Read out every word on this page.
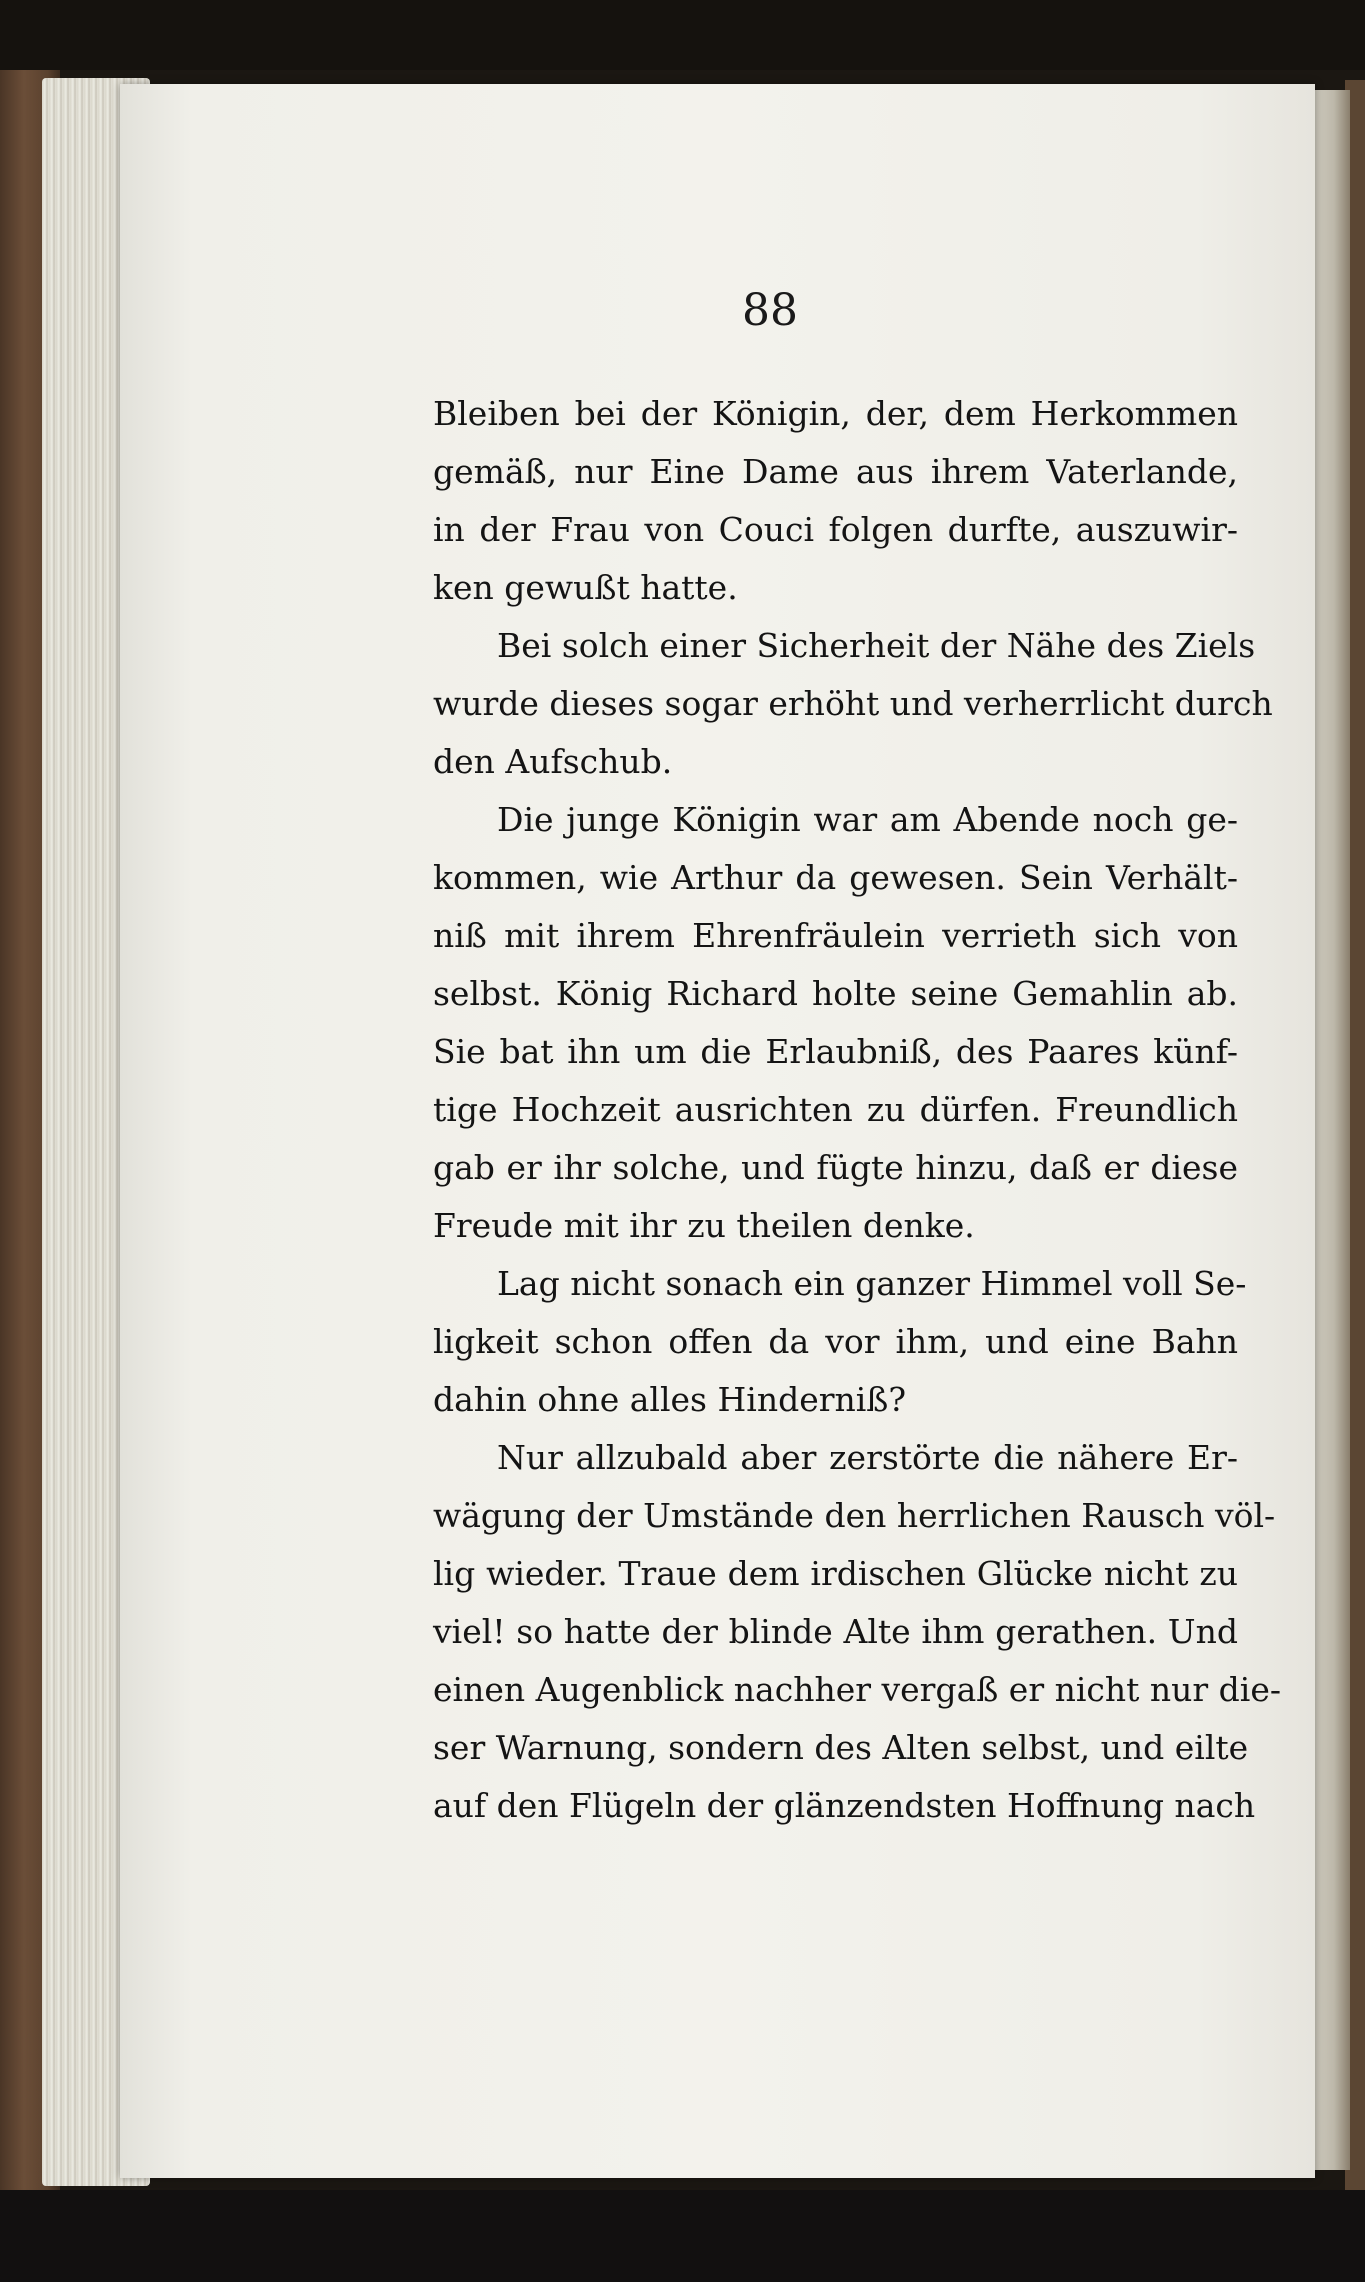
88
Bleiben bei der Königin, der, dem Herkommen
gemäß, nur Eine Dame aus ihrem Vaterlande,
in der Frau von Couci folgen durfte, auszuwir-
ken gewußt hatte.
Bei solch einer Sicherheit der Nähe des Ziels
wurde dieses sogar erhöht und verherrlicht durch
den Aufschub.
Die junge Königin war am Abende noch ge-
kommen, wie Arthur da gewesen. Sein Verhält-
niß mit ihrem Ehrenfräulein verrieth sich von
selbst. König Richard holte seine Gemahlin ab.
Sie bat ihn um die Erlaubniß, des Paares künf-
tige Hochzeit ausrichten zu dürfen. Freundlich
gab er ihr solche, und fügte hinzu, daß er diese
Freude mit ihr zu theilen denke.
Lag nicht sonach ein ganzer Himmel voll Se-
ligkeit schon offen da vor ihm, und eine Bahn
dahin ohne alles Hinderniß?
Nur allzubald aber zerstörte die nähere Er-
wägung der Umstände den herrlichen Rausch völ-
lig wieder. Traue dem irdischen Glücke nicht zu
viel! so hatte der blinde Alte ihm gerathen. Und
einen Augenblick nachher vergaß er nicht nur die-
ser Warnung, sondern des Alten selbst, und eilte
auf den Flügeln der glänzendsten Hoffnung nach
